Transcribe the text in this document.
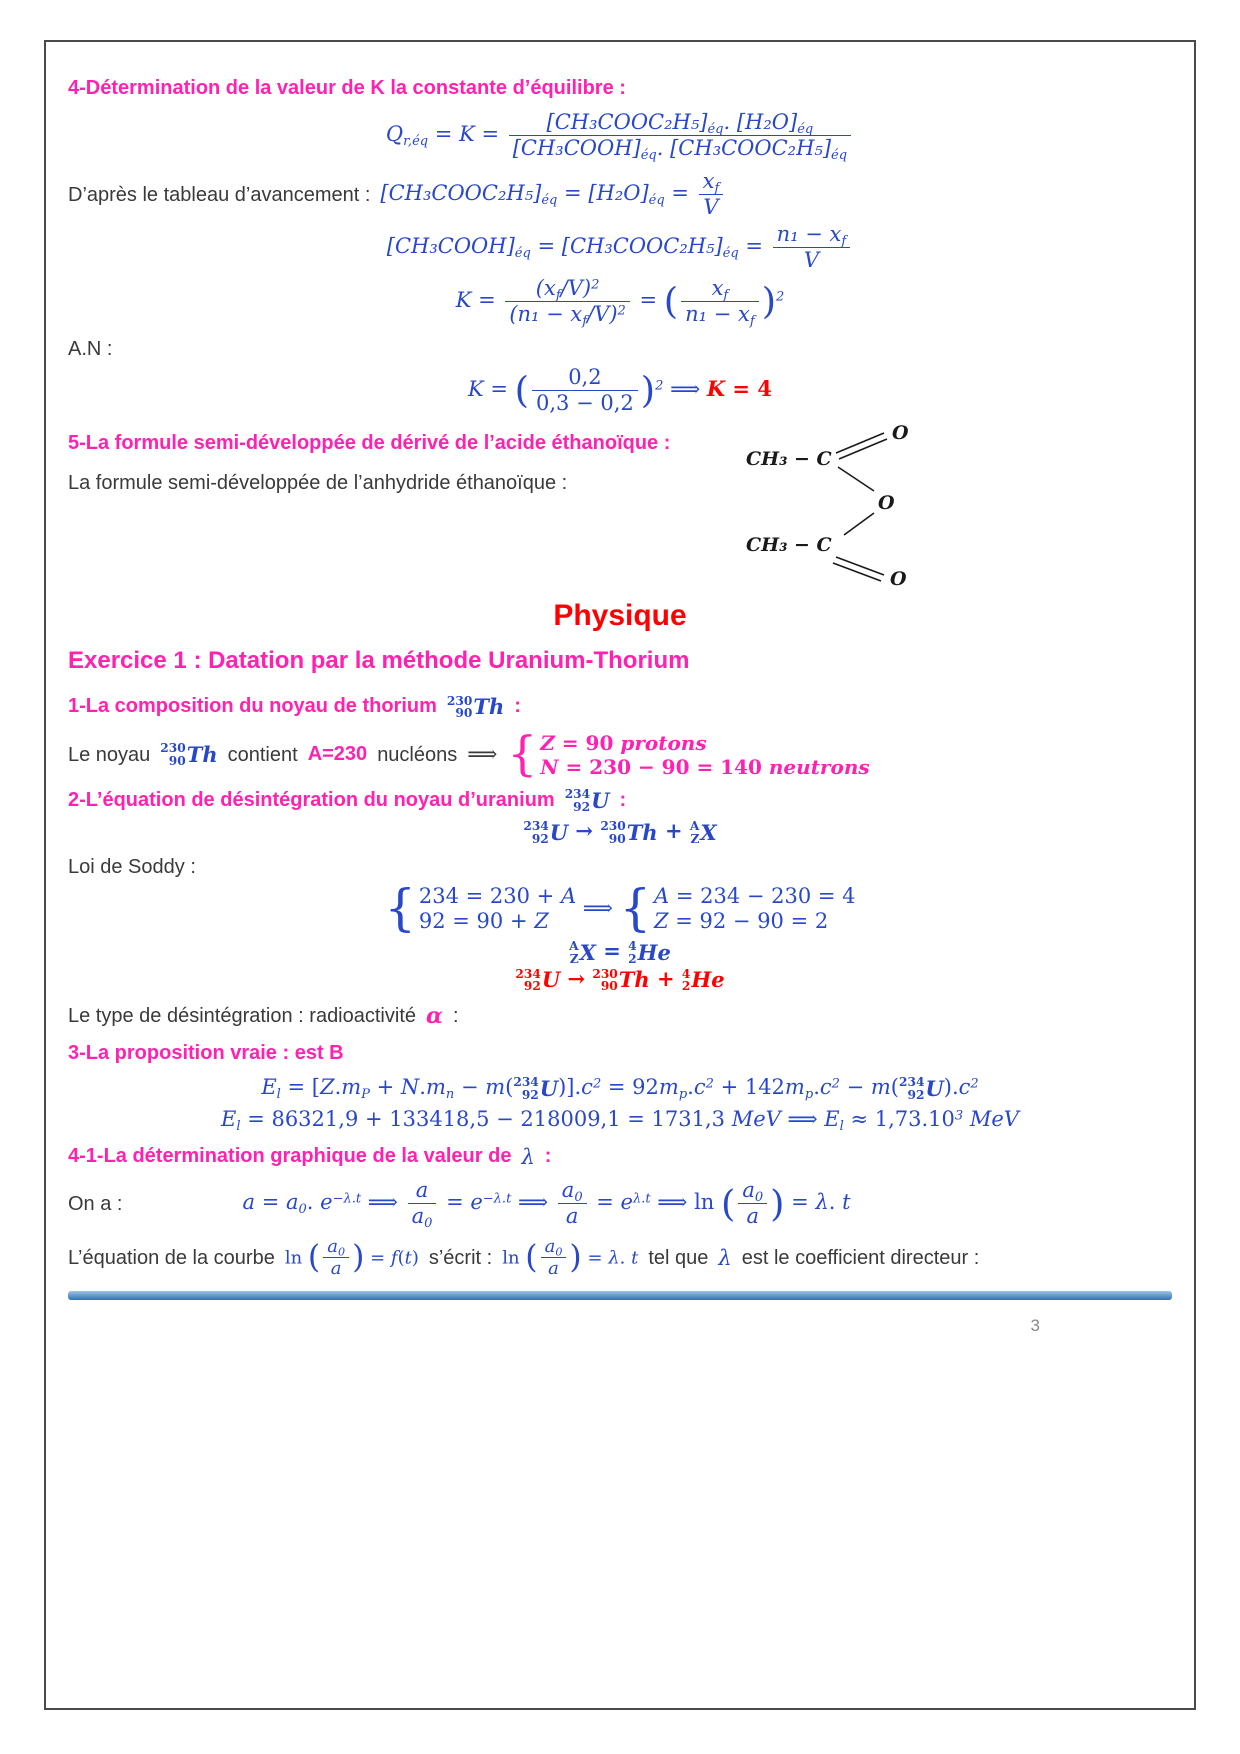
4-Détermination de la valeur de K la constante d’équilibre :
$Q_{r,éq} = K = \frac{[CH_3COOC_2H_5]_{éq}. [H_2O]_{éq}}{[CH_3COOH]_{éq}. [CH_3COOC_2H_5]_{éq}}$
D’après le tableau d’avancement : $[CH_3COOC_2H_5]_{éq} = [H_2O]_{éq} = \frac{x_f}{V}$
$[CH_3COOH]_{éq}$ = $[CH_3COOC_2H_5]_{éq} = \frac{n_1 - x_f}{V}$
$K = \frac{(x_f/V)^2}{(n_1 - x_f/V)^2}$ = ( $\frac{x_f}{n_1 - x_f} )^2$
A.N :
K = ( $\frac{0,2}{0,3 - 0,2} )^2$ ⟹ K = 4
CH₃ − C
O
O
CH₃ − C
O
5-La formule semi-développée de dérivé de l’acide éthanoïque :
La formule semi-développée de l’anhydride éthanoïque :
Physique
Exercice 1 : Datation par la méthode Uranium-Thorium
1-La composition du noyau de thorium 230
90 Th :
Le noyau 230
90 Th contient A=230 nucléons ⟹ { Z = 90 protons
N = 230 − 90 = 140 neutrons
2-L’équation de désintégration du noyau d’uranium 234
92 U :
234
92 U → 230
90 Th + A
Z X
Loi de Soddy :
{ 234 = 230 + A
92 = 90 + Z
⟹ { A = 234 − 230 = 4
Z = 92 − 90 = 2
A
Z X = 4
2 He
234
92 U → 230
90 Th + 4
2 He
Le type de désintégration : radioactivité α :
3-La proposition vraie : est B
$E_l = [Z.m_P + N.m_n - m$( 234
92 U )]$.c^2 = 92m_p.c^2 + 142m_p.c^2 - m$( 234
92 U )$.c^2$
$E_l = 86321,9 + 133418,5 - 218009,1 = 1731,3$ MeV ⟹ $E_l \approx 1,73.10^3$ MeV
4-1-La détermination graphique de la valeur de λ :
On a :	$a = a_0$. $e^{-\lambda.t}$ ⟹ $\frac{a}{a_0} = e^{-\lambda.t}$ ⟹ $\frac{a_0}{a} = e^{\lambda.t}$ ⟹ ln ( $\frac{a_0}{a}$ ) = λ. t
L’équation de la courbe ln ( $\frac{a_0}{a}$ ) = f(t) s’écrit : ln ( $\frac{a_0}{a}$ ) = λ. t tel que λ est le coefficient directeur :
3
